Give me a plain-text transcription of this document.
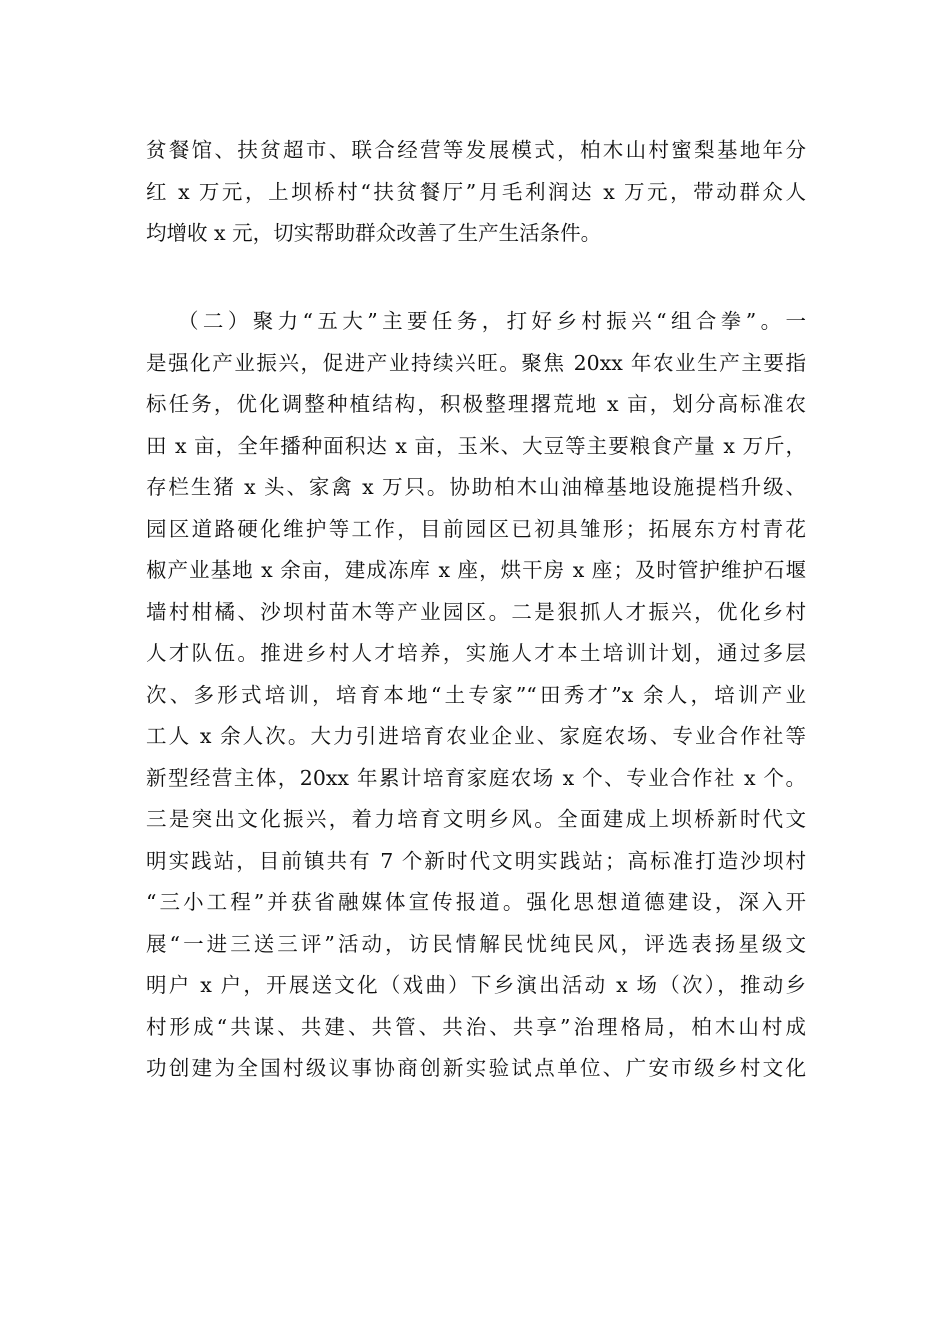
贫餐馆、扶贫超市、联合经营等发展模式，柏木山村蜜梨基地年分
红 x 万元，上坝桥村“扶贫餐厅”月毛利润达 x 万元，带动群众人
均增收 x 元，切实帮助群众改善了生产生活条件。
（二）聚力“五大”主要任务，打好乡村振兴“组合拳”。一
是强化产业振兴，促进产业持续兴旺。聚焦 20xx 年农业生产主要指
标任务，优化调整种植结构，积极整理撂荒地 x 亩，划分高标准农
田 x 亩，全年播种面积达 x 亩，玉米、大豆等主要粮食产量 x 万斤，
存栏生猪 x 头、家禽 x 万只。协助柏木山油樟基地设施提档升级、
园区道路硬化维护等工作，目前园区已初具雏形；拓展东方村青花
椒产业基地 x 余亩，建成冻库 x 座，烘干房 x 座；及时管护维护石堰
墙村柑橘、沙坝村苗木等产业园区。二是狠抓人才振兴，优化乡村
人才队伍。推进乡村人才培养，实施人才本土培训计划，通过多层
次、多形式培训，培育本地“土专家”“田秀才”x 余人，培训产业
工人 x 余人次。大力引进培育农业企业、家庭农场、专业合作社等
新型经营主体，20xx 年累计培育家庭农场 x 个、专业合作社 x 个。
三是突出文化振兴，着力培育文明乡风。全面建成上坝桥新时代文
明实践站，目前镇共有 7 个新时代文明实践站；高标准打造沙坝村
“三小工程”并获省融媒体宣传报道。强化思想道德建设，深入开
展“一进三送三评”活动，访民情解民忧纯民风，评选表扬星级文
明户 x 户，开展送文化（戏曲）下乡演出活动 x 场（次），推动乡
村形成“共谋、共建、共管、共治、共享”治理格局，柏木山村成
功创建为全国村级议事协商创新实验试点单位、广安市级乡村文化
